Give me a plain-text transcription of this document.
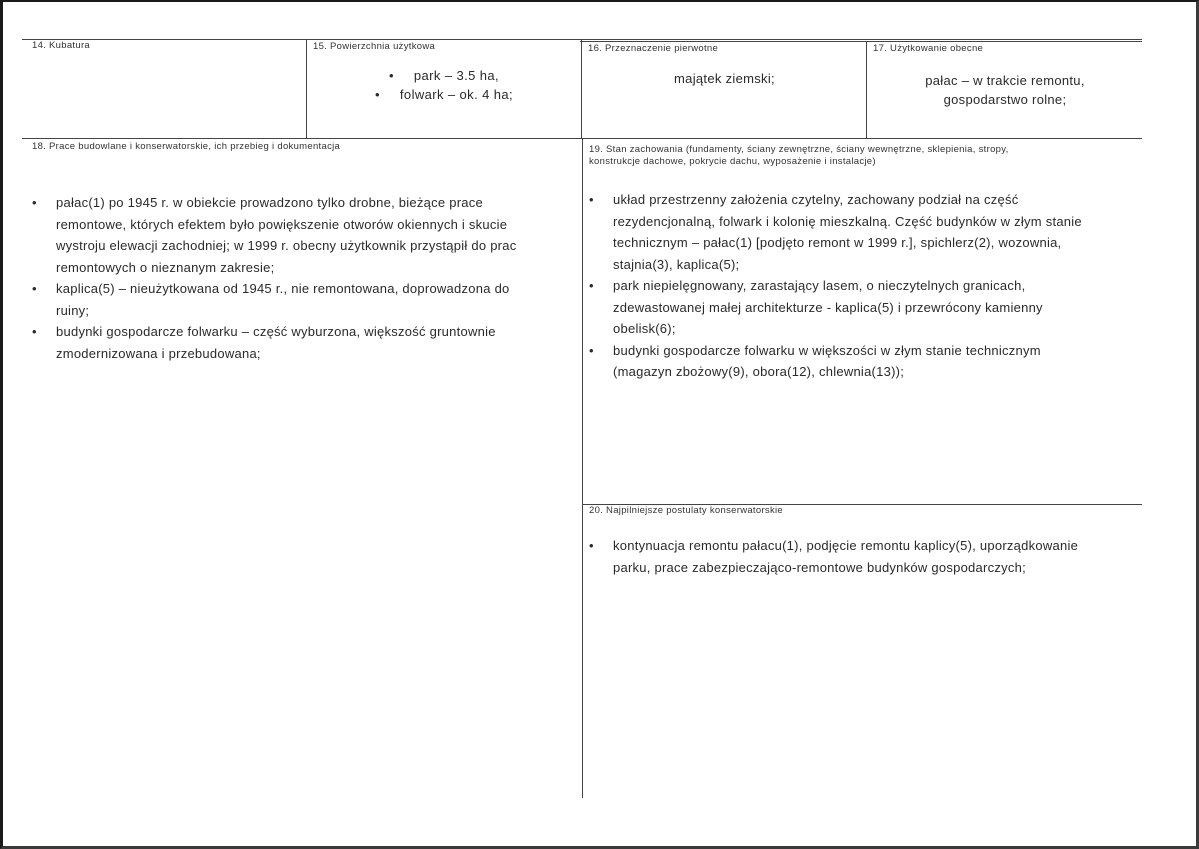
14. Kubatura	15. Powierzchnia użytkowa
• park – 3.5 ha,
• folwark – ok. 4 ha;
16. Przeznaczenie pierwotne
majątek ziemski;
17. Użytkowanie obecne
pałac – w trakcie remontu,
gospodarstwo rolne;
18. Prace budowlane i konserwatorskie, ich przebieg i dokumentacja
• pałac(1) po 1945 r. w obiekcie prowadzono tylko drobne, bieżące prace
remontowe, których efektem było powiększenie otworów okiennych i skucie
wystroju elewacji zachodniej; w 1999 r. obecny użytkownik przystąpił do prac
remontowych o nieznanym zakresie;
• kaplica(5) – nieużytkowana od 1945 r., nie remontowana, doprowadzona do
ruiny;
• budynki gospodarcze folwarku – część wyburzona, większość gruntownie
zmodernizowana i przebudowana;
19. Stan zachowania (fundamenty, ściany zewnętrzne, ściany wewnętrzne, sklepienia, stropy,
konstrukcje dachowe, pokrycie dachu, wyposażenie i instalacje)
• układ przestrzenny założenia czytelny, zachowany podział na część
rezydencjonalną, folwark i kolonię mieszkalną. Część budynków w złym stanie
technicznym – pałac(1) [podjęto remont w 1999 r.], spichlerz(2), wozownia,
stajnia(3), kaplica(5);
• park niepielęgnowany, zarastający lasem, o nieczytelnych granicach,
zdewastowanej małej architekturze - kaplica(5) i przewrócony kamienny
obelisk(6);
• budynki gospodarcze folwarku w większości w złym stanie technicznym
(magazyn zbożowy(9), obora(12), chlewnia(13));
20. Najpilniejsze postulaty konserwatorskie
• kontynuacja remontu pałacu(1), podjęcie remontu kaplicy(5), uporządkowanie
parku, prace zabezpieczająco-remontowe budynków gospodarczych;
